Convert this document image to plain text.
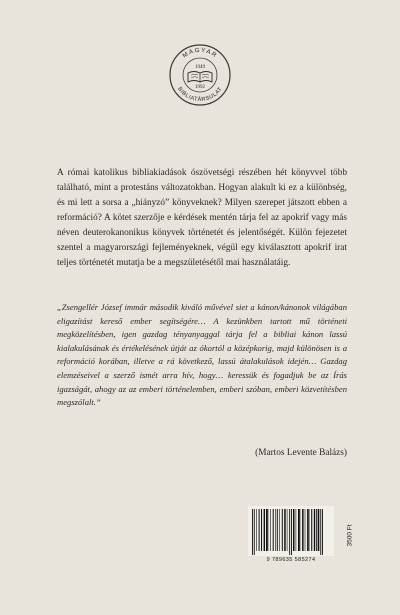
MAGYAR
BIBLIATÁRSULAT
1949
1992

A római katolikus bibliakiadások ószövetségi részében hét könyvvel több található, mint a protestáns változatokban. Hogyan alakult ki ez a különbség, és mi lett a sorsa a „hiányzó” könyveknek? Milyen szerepet játszott ebben a reformáció? A kötet szerzője e kérdések mentén tárja fel az apokrif vagy más néven deuterokanonikus könyvek történetét és jelentőségét. Külön fejezetet szentel a magyarországi fejleményeknek, végül egy kiválasztott apokrif irat teljes történetét mutatja be a megszületésétől mai használatáig.

„Zsengellér József immár második kiváló művével siet a kánon/kánonok világában eligazítást kereső ember segítségére… A kezünkben tartott mű történeti megközelítésben, igen gazdag tényanyaggal tárja fel a bibliai kánon lassú kialakulásának és értékelésének útját az ókortól a középkorig, majd különösen is a reformáció korában, illetve a rá következő, lassú átalakulások idején… Gazdag elemzéseivel a szerző ismét arra hív, hogy… keressük és fogadjuk be az Írás igazságát, ahogy az az emberi történelemben, emberi szóban, emberi közvetítésben megszólalt.”

(Martos Levente Balázs)

9 789635 585274
3500 Ft
